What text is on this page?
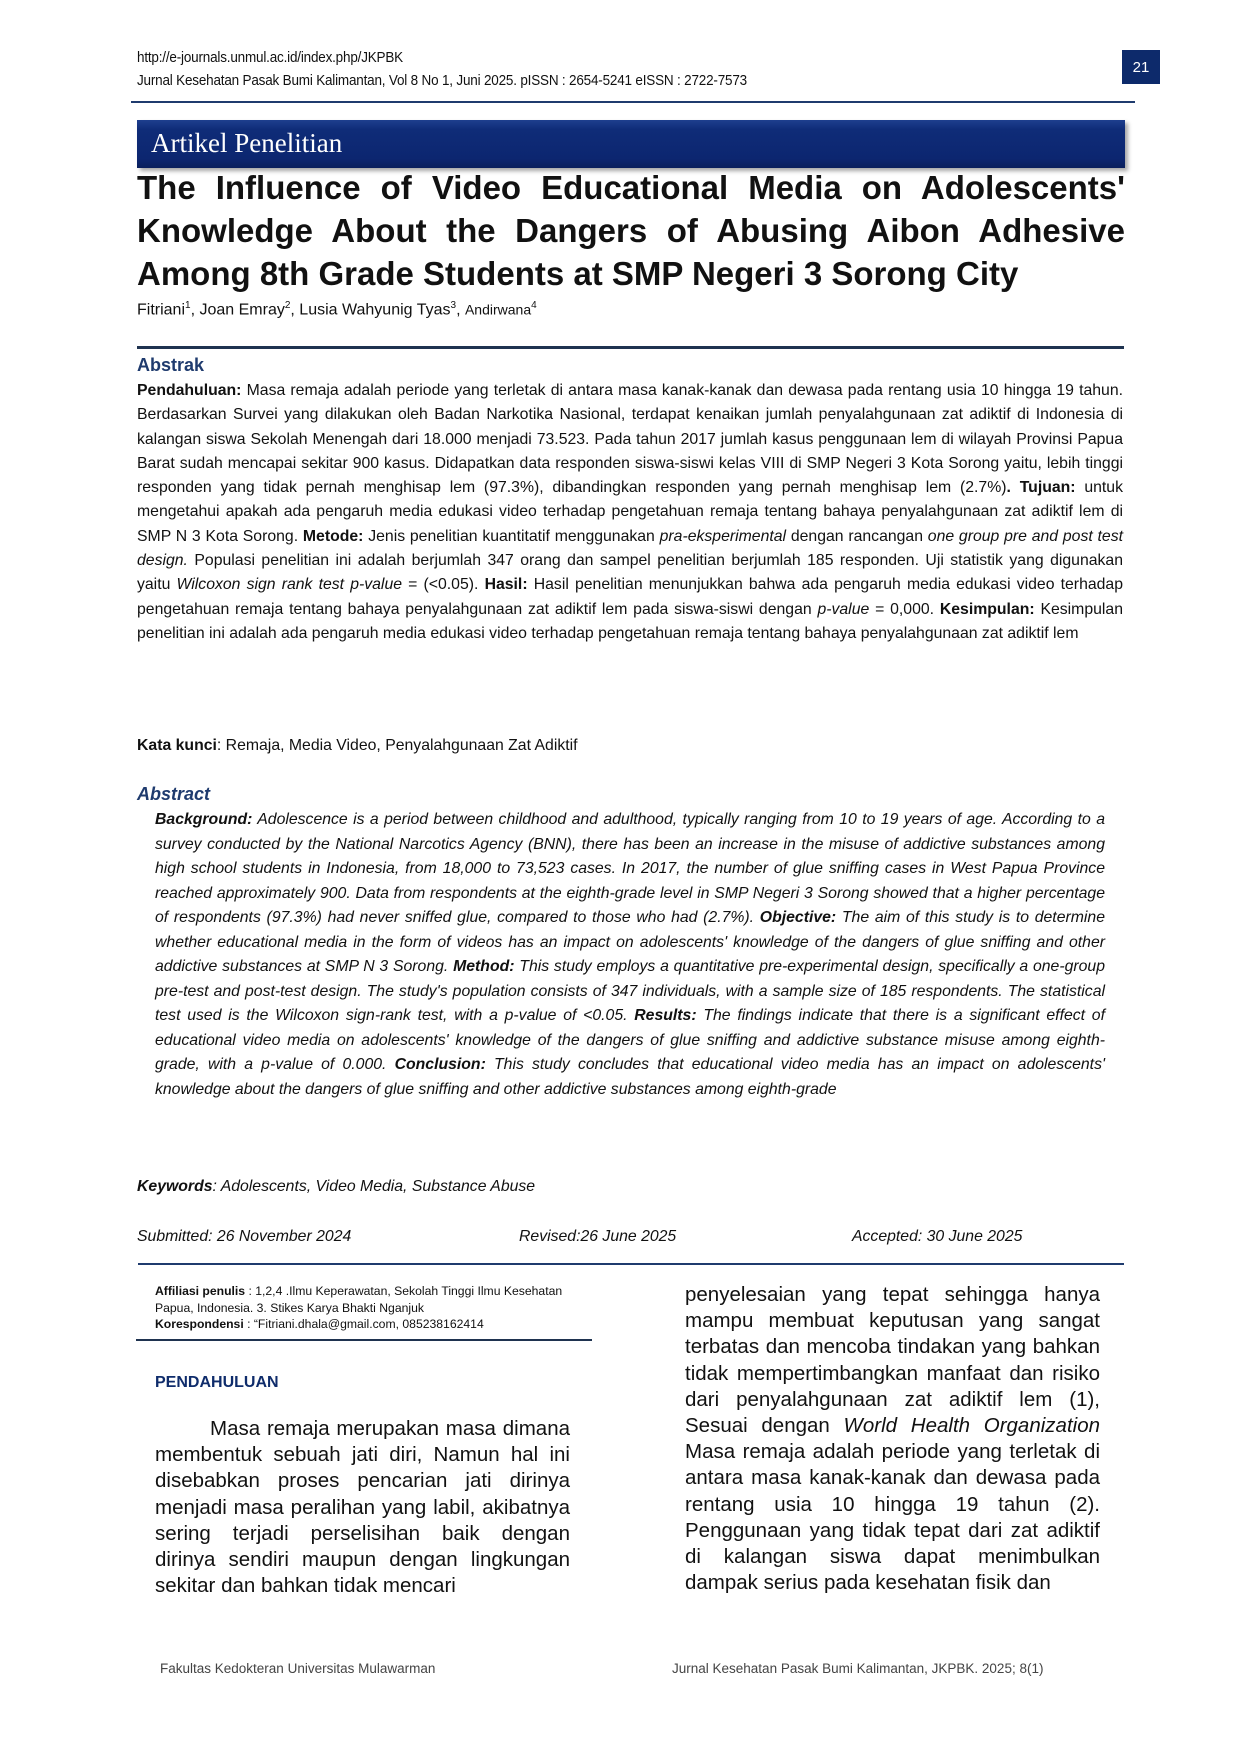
http://e-journals.unmul.ac.id/index.php/JKPBK
Jurnal Kesehatan Pasak Bumi Kalimantan, Vol 8 No 1, Juni 2025. pISSN : 2654-5241 eISSN : 2722-7573
21
Artikel Penelitian
The Influence of Video Educational Media on Adolescents'
Knowledge About the Dangers of Abusing Aibon Adhesive
Among 8th Grade Students at SMP Negeri 3 Sorong City
Fitriani$^1$, Joan Emray$^2$, Lusia Wahyunig Tyas$^3$, Andirwana$^4$
Abstrak
Pendahuluan: Masa remaja adalah periode yang terletak di antara masa kanak-kanak dan dewasa pada rentang usia 10 hingga 19 tahun. Berdasarkan Survei yang dilakukan oleh Badan Narkotika Nasional, terdapat kenaikan jumlah penyalahgunaan zat adiktif di Indonesia di kalangan siswa Sekolah Menengah dari 18.000 menjadi 73.523. Pada tahun 2017 jumlah kasus penggunaan lem di wilayah Provinsi Papua Barat sudah mencapai sekitar 900 kasus. Didapatkan data responden siswa-siswi kelas VIII di SMP Negeri 3 Kota Sorong yaitu, lebih tinggi responden yang tidak pernah menghisap lem (97.3%), dibandingkan responden yang pernah menghisap lem (2.7%). Tujuan: untuk mengetahui apakah ada pengaruh media edukasi video terhadap pengetahuan remaja tentang bahaya penyalahgunaan zat adiktif lem di SMP N 3 Kota Sorong. Metode: Jenis penelitian kuantitatif menggunakan pra-eksperimental dengan rancangan one group pre and post test design. Populasi penelitian ini adalah berjumlah 347 orang dan sampel penelitian berjumlah 185 responden. Uji statistik yang digunakan yaitu Wilcoxon sign rank test p-value = (<0.05). Hasil: Hasil penelitian menunjukkan bahwa ada pengaruh media edukasi video terhadap pengetahuan remaja tentang bahaya penyalahgunaan zat adiktif lem pada siswa-siswi dengan p-value = 0,000. Kesimpulan: Kesimpulan penelitian ini adalah ada pengaruh media edukasi video terhadap pengetahuan remaja tentang bahaya penyalahgunaan zat adiktif lem
Kata kunci: Remaja, Media Video, Penyalahgunaan Zat Adiktif
Abstract
Background: Adolescence is a period between childhood and adulthood, typically ranging from 10 to 19 years of age. According to a survey conducted by the National Narcotics Agency (BNN), there has been an increase in the misuse of addictive substances among high school students in Indonesia, from 18,000 to 73,523 cases. In 2017, the number of glue sniffing cases in West Papua Province reached approximately 900. Data from respondents at the eighth-grade level in SMP Negeri 3 Sorong showed that a higher percentage of respondents (97.3%) had never sniffed glue, compared to those who had (2.7%). Objective: The aim of this study is to determine whether educational media in the form of videos has an impact on adolescents' knowledge of the dangers of glue sniffing and other addictive substances at SMP N 3 Sorong. Method: This study employs a quantitative pre-experimental design, specifically a one-group pre-test and post-test design. The study's population consists of 347 individuals, with a sample size of 185 respondents. The statistical test used is the Wilcoxon sign-rank test, with a p-value of <0.05. Results: The findings indicate that there is a significant effect of educational video media on adolescents' knowledge of the dangers of glue sniffing and addictive substance misuse among eighth-grade, with a p-value of 0.000. Conclusion: This study concludes that educational video media has an impact on adolescents' knowledge about the dangers of glue sniffing and other addictive substances among eighth-grade
Keywords: Adolescents, Video Media, Substance Abuse
Submitted: 26 November 2024	Revised:26 June 2025	Accepted: 30 June 2025
Affiliasi penulis : 1,2,4 .Ilmu Keperawatan, Sekolah Tinggi Ilmu Kesehatan Papua, Indonesia. 3. Stikes Karya Bhakti Nganjuk
Korespondensi : “Fitriani.dhala@gmail.com, 085238162414
PENDAHULUAN

Masa remaja merupakan masa dimana membentuk sebuah jati diri, Namun hal ini disebabkan proses pencarian jati dirinya menjadi masa peralihan yang labil, akibatnya sering terjadi perselisihan baik dengan dirinya sendiri maupun dengan lingkungan sekitar dan bahkan tidak mencari

penyelesaian yang tepat sehingga hanya mampu membuat keputusan yang sangat terbatas dan mencoba tindakan yang bahkan tidak mempertimbangkan manfaat dan risiko dari penyalahgunaan zat adiktif lem (1), Sesuai dengan World Health Organization Masa remaja adalah periode yang terletak di antara masa kanak-kanak dan dewasa pada rentang usia 10 hingga 19 tahun (2). Penggunaan yang tidak tepat dari zat adiktif di kalangan siswa dapat menimbulkan dampak serius pada kesehatan fisik dan

Fakultas Kedokteran Universitas Mulawarman	Jurnal Kesehatan Pasak Bumi Kalimantan, JKPBK. 2025; 8(1)
